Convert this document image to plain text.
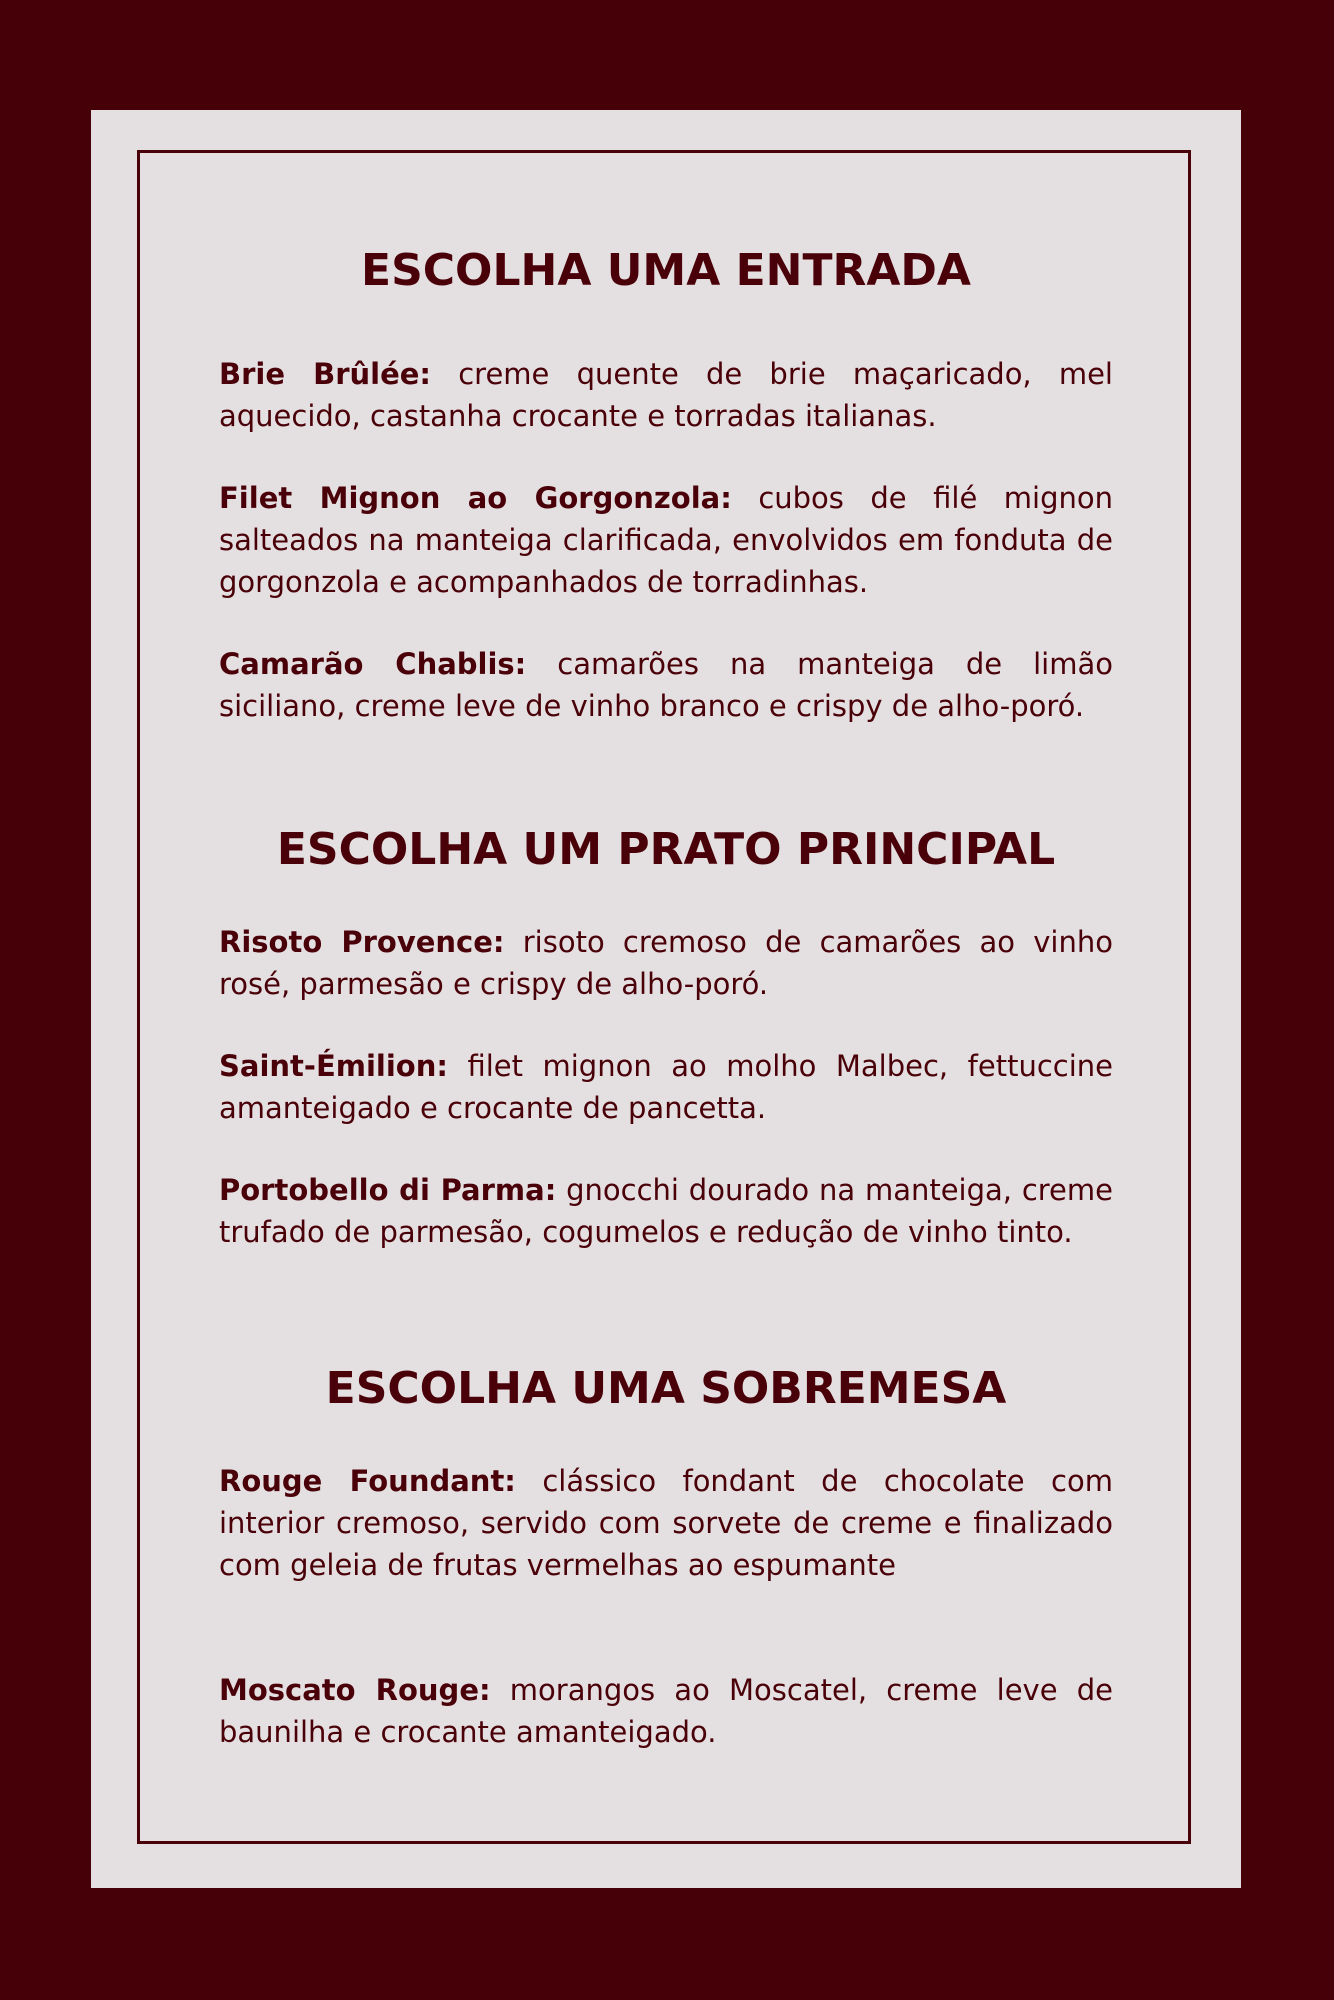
ESCOLHA UMA ENTRADA

Brie Brûlée: creme quente de brie maçaricado, mel aquecido, castanha crocante e torradas italianas.

Filet Mignon ao Gorgonzola: cubos de filé mignon salteados na manteiga clarificada, envolvidos em fonduta de gorgonzola e acompanhados de torradinhas.

Camarão Chablis: camarões na manteiga de limão siciliano, creme leve de vinho branco e crispy de alho-poró.

ESCOLHA UM PRATO PRINCIPAL

Risoto Provence: risoto cremoso de camarões ao vinho rosé, parmesão e crispy de alho-poró.

Saint-Émilion: filet mignon ao molho Malbec, fettuccine amanteigado e crocante de pancetta.

Portobello di Parma: gnocchi dourado na manteiga, creme trufado de parmesão, cogumelos e redução de vinho tinto.

ESCOLHA UMA SOBREMESA

Rouge Foundant: clássico fondant de chocolate com interior cremoso, servido com sorvete de creme e finalizado com geleia de frutas vermelhas ao espumante

Moscato Rouge: morangos ao Moscatel, creme leve de baunilha e crocante amanteigado.
